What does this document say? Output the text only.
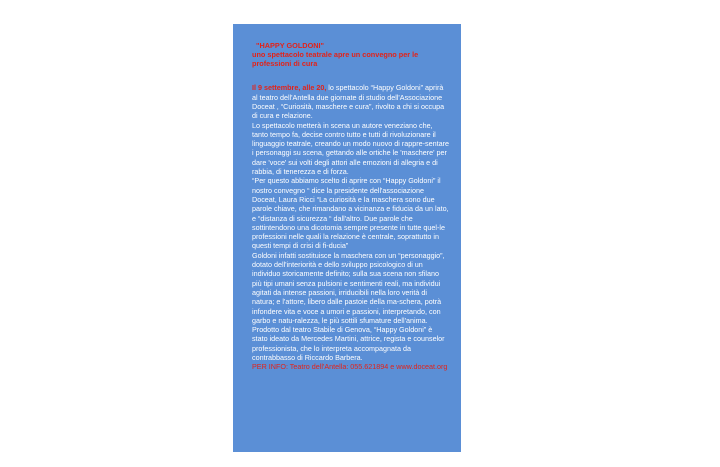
"HAPPY GOLDONI"
uno spettacolo teatrale apre un convegno per le professioni di cura

Il 9 settembre, alle 20, lo spettacolo “Happy Goldoni” aprirà al teatro dell'Antella due giornate di studio dell'Associazione Doceat , “Curiosità, maschere e cura”, rivolto a chi si occupa di cura e relazione.

Lo spettacolo metterà in scena un autore veneziano che, tanto tempo fa, decise contro tutto e tutti di rivoluzionare il linguaggio teatrale, creando un modo nuovo di rappre-sentare i personaggi su scena, gettando alle ortiche le 'maschere' per dare 'voce' sui volti degli attori alle emozioni di allegria e di rabbia, di tenerezza e di forza.

“Per questo abbiamo scelto di aprire con “Happy Goldoni” il nostro convegno “ dice la presidente dell'associazione Doceat, Laura Ricci “La curiosità e la maschera sono due parole chiave, che rimandano a vicinanza e fiducia da un lato, e “distanza di sicurezza “ dall'altro. Due parole che sottintendono una dicotomia sempre presente in tutte quel-le professioni nelle quali la relazione è centrale, soprattutto in questi tempi di crisi di fi-ducia”

Goldoni infatti sostituisce la maschera con un “personaggio”, dotato dell'interiorità e dello sviluppo psicologico di un individuo storicamente definito; sulla sua scena non sfilano più tipi umani senza pulsioni e sentimenti reali, ma individui agitati da intense passioni, irriducibili nella loro verità di natura; e l'attore, libero dalle pastoie della ma-schera, potrà infondere vita e voce a umori e passioni, interpretando, con garbo e natu-ralezza, le più sottili sfumature dell'anima.

Prodotto dal teatro Stabile di Genova, “Happy Goldoni” è stato ideato da Mercedes Martini, attrice, regista e counselor professionista, che lo interpreta accompagnata da contrabbasso di Riccardo Barbera.

PER INFO: Teatro dell'Antella: 055.621894 e www.doceat.org
